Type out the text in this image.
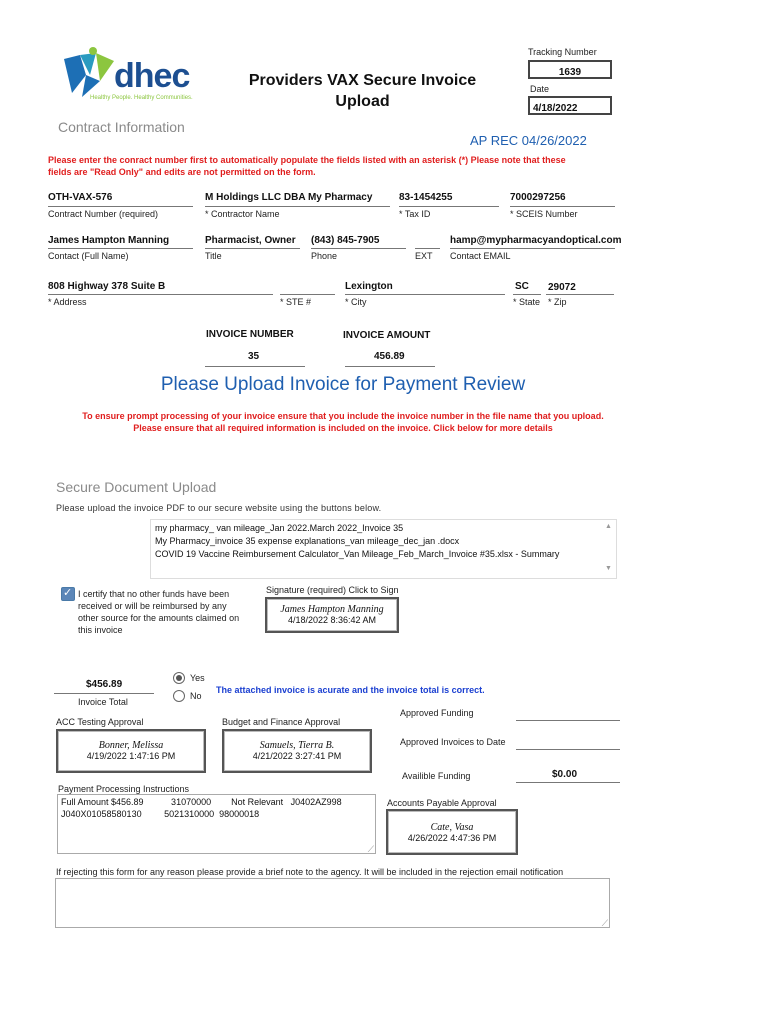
dhec
Healthy People. Healthy Communities.
Providers VAX Secure Invoice
Upload
Tracking Number
1639
Date
4/18/2022
Contract Information
AP REC 04/26/2022
Please enter the conract number first to automatically populate the fields listed with an asterisk (*) Please note that these
fields are "Read Only" and edits are not permitted on the form.
OTH-VAX-576
Contract Number (required)
M Holdings LLC DBA My Pharmacy
* Contractor Name
83-1454255
* Tax ID
7000297256
* SCEIS Number
James Hampton Manning
Contact (Full Name)
Pharmacist, Owner
Title
(843) 845-7905
Phone	EXT
hamp@mypharmacyandoptical.com
Contact EMAIL
808 Highway 378 Suite B
* Address	* STE #
Lexington
* City
SC
* State
29072
* Zip
INVOICE NUMBER
35
INVOICE AMOUNT
456.89
Please Upload Invoice for Payment Review
To ensure prompt processing of your invoice ensure that you include the invoice number in the file name that you upload.
Please ensure that all required information is included on the invoice. Click below for more details
Secure Document Upload
Please upload the invoice PDF to our secure website using the buttons below.
my pharmacy_ van mileage_Jan 2022.March 2022_Invoice 35
My Pharmacy_invoice 35 expense explanations_van mileage_dec_jan .docx
COVID 19 Vaccine Reimbursement Calculator_Van Mileage_Feb_March_Invoice #35.xlsx - Summary
▲
▼
✓ I certify that no other funds have been
received or will be reimbursed by any
other source for the amounts claimed on
this invoice
Signature (required) Click to Sign
James Hampton Manning
4/18/2022 8:36:42 AM
$456.89
Invoice Total
Yes
No
The attached invoice is acurate and the invoice total is correct.
ACC Testing Approval
Bonner, Melissa
4/19/2022 1:47:16 PM
Budget and Finance Approval
Samuels, Tierra B.
4/21/2022 3:27:41 PM
Approved Funding
Approved Invoices to Date
Availible Funding	$0.00
Payment Processing Instructions
Full Amount $456.89           31070000        Not Relevant   J0402AZ998
J040X01058580130         5021310000  98000018
⟋
Accounts Payable Approval
Cate, Vasa
4/26/2022 4:47:36 PM
If rejecting this form for any reason please provide a brief note to the agency. It will be included in the rejection email notification
⟋
